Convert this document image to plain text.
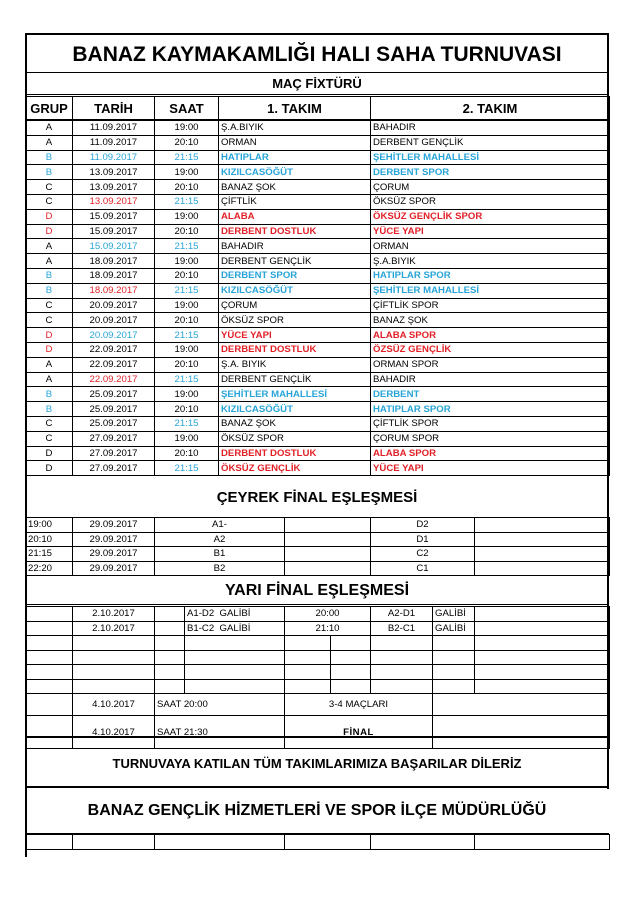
BANAZ KAYMAKAMLIĞI HALI SAHA TURNUVASI
MAÇ FİXTÜRÜ
GRUP	TARİH	SAAT	1. TAKIM	2. TAKIM
A	11.09.2017	19:00	Ş.A.BIYIK	BAHADIR
A	11.09.2017	20:10	ORMAN	DERBENT GENÇLİK
B	11.09.2017	21:15	HATIPLAR	ŞEHİTLER MAHALLESİ
B	13.09.2017	19:00	KIZILCASÖĞÜT	DERBENT SPOR
C	13.09.2017	20:10	BANAZ ŞOK	ÇORUM
C	13.09.2017	21:15	ÇİFTLİK	ÖKSÜZ SPOR
D	15.09.2017	19:00	ALABA	ÖKSÜZ GENÇLİK SPOR
D	15.09.2017	20:10	DERBENT DOSTLUK	YÜCE YAPI
A	15.09.2017	21:15	BAHADIR	ORMAN
A	18.09.2017	19:00	DERBENT GENÇLİK	Ş.A.BIYIK
B	18.09.2017	20:10	DERBENT SPOR	HATIPLAR SPOR
B	18.09.2017	21:15	KIZILCASÖĞÜT	ŞEHİTLER MAHALLESİ
C	20.09.2017	19:00	ÇORUM	ÇİFTLİK SPOR
C	20.09.2017	20:10	ÖKSÜZ SPOR	BANAZ ŞOK
D	20.09.2017	21:15	YÜCE YAPI	ALABA SPOR
D	22.09.2017	19:00	DERBENT DOSTLUK	ÖZSÜZ GENÇLİK
A	22.09.2017	20:10	Ş.A. BIYIK	ORMAN SPOR
A	22.09.2017	21:15	DERBENT GENÇLİK	BAHADIR
B	25.09.2017	19:00	ŞEHİTLER MAHALLESİ	DERBENT
B	25.09.2017	20:10	KIZILCASÖĞÜT	HATIPLAR SPOR
C	25.09.2017	21:15	BANAZ ŞOK	ÇİFTLİK SPOR
C	27.09.2017	19:00	ÖKSÜZ SPOR	ÇORUM SPOR
D	27.09.2017	20:10	DERBENT DOSTLUK	ALABA SPOR
D	27.09.2017	21:15	ÖKSÜZ GENÇLİK	YÜCE YAPI
ÇEYREK FİNAL EŞLEŞMESİ
19:00	29.09.2017	A1-		D2	
20:10	29.09.2017	A2		D1	
21:15	29.09.2017	B1		C2	
22:20	29.09.2017	B2		C1	
YARI FİNAL EŞLEŞMESİ
	2.10.2017		A1-D2 GALİBİ	20:00		A2-D1	GALİBİ	
	2.10.2017		B1-C2 GALİBİ	21:10		B2-C1	GALİBİ	

	4.10.2017	SAAT 20:00		3-4 MAÇLARI				
	4.10.2017	SAAT 21:30		FİNAL				
TURNUVAYA KATILAN TÜM TAKIMLARIMIZA BAŞARILAR DİLERİZ
BANAZ GENÇLİK HİZMETLERİ VE SPOR İLÇE MÜDÜRLÜĞÜ
